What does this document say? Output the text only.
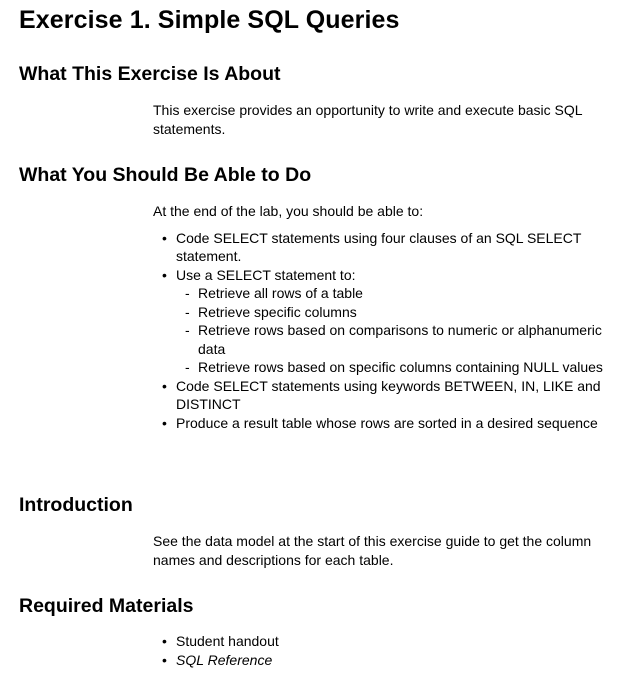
Exercise 1. Simple SQL Queries
What This Exercise Is About

This exercise provides an opportunity to write and execute basic SQL statements.

What You Should Be Able to Do

At the end of the lab, you should be able to:

• Code SELECT statements using four clauses of an SQL SELECT statement.
• Use a SELECT statement to:
- Retrieve all rows of a table
- Retrieve specific columns
- Retrieve rows based on comparisons to numeric or alphanumeric data
- Retrieve rows based on specific columns containing NULL values
• Code SELECT statements using keywords BETWEEN, IN, LIKE and DISTINCT
• Produce a result table whose rows are sorted in a desired sequence
Introduction

See the data model at the start of this exercise guide to get the column names and descriptions for each table.

Required Materials
• Student handout
• SQL Reference
